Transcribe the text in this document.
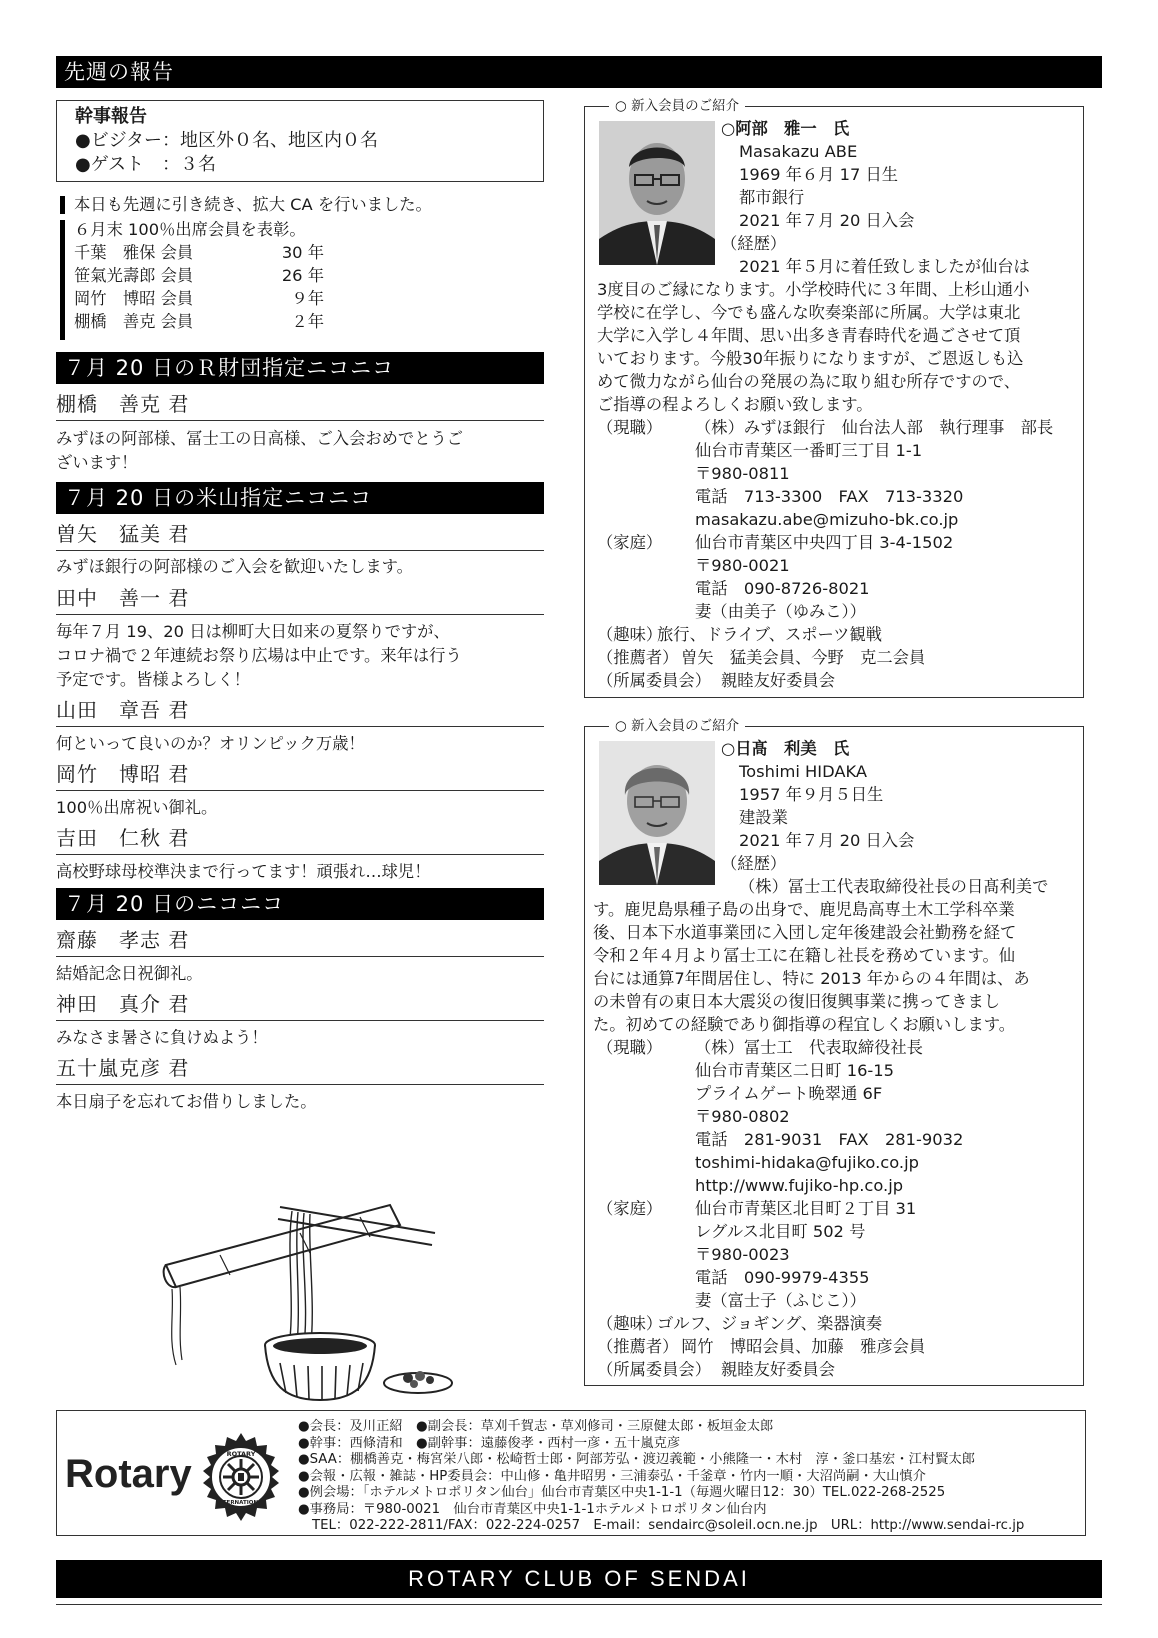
先週の報告
幹事報告
●ビジター：地区外０名、地区内０名
●ゲスト　：３名
本日も先週に引き続き、拡大 CA を行いました。
６月末 100％出席会員を表彰。
千葉　雅保 会員	30 年
笹氣光壽郎 会員	26 年
岡竹　博昭 会員	９年
棚橋　善克 会員	２年
７月 20 日のＲ財団指定ニコニコ
棚橋　善克 君
みずほの阿部様、冨士工の日高様、ご入会おめでとうご
ざいます！
７月 20 日の米山指定ニコニコ
曽矢　猛美 君
みずほ銀行の阿部様のご入会を歓迎いたします。
田中　善一 君
毎年７月 19、20 日は柳町大日如来の夏祭りですが、
コロナ禍で２年連続お祭り広場は中止です。来年は行う
予定です。皆様よろしく！
山田　章吾 君
何といって良いのか？オリンピック万歳！
岡竹　博昭 君
100％出席祝い御礼。
吉田　仁秋 君
高校野球母校準決まで行ってます！頑張れ…球児！
７月 20 日のニコニコ
齋藤　孝志 君
結婚記念日祝御礼。
神田　真介 君
みなさま暑さに負けぬよう！
五十嵐克彦 君
本日扇子を忘れてお借りしました。
○ 新入会員のご紹介
○阿部　雅一　氏
Masakazu ABE
1969 年６月 17 日生
都市銀行
2021 年７月 20 日入会
（経歴）
2021 年５月に着任致しましたが仙台は
3度目のご縁になります。小学校時代に３年間、上杉山通小
学校に在学し、今でも盛んな吹奏楽部に所属。大学は東北
大学に入学し４年間、思い出多き青春時代を過ごさせて頂
いております。今般30年振りになりますが、ご恩返しも込
めて微力ながら仙台の発展の為に取り組む所存ですので、
ご指導の程よろしくお願い致します。
（現職）	（株）みずほ銀行　仙台法人部　執行理事　部長
仙台市青葉区一番町三丁目 1-1
〒980-0811
電話　713-3300　FAX　713-3320
masakazu.abe@mizuho-bk.co.jp
（家庭）	仙台市青葉区中央四丁目 3-4-1502
〒980-0021
電話　090-8726-8021
妻（由美子（ゆみこ））
（趣味）
旅行、ドライブ、スポーツ観戦
（推薦者） 曽矢　猛美会員、今野　克二会員
（所属委員会） 親睦友好委員会
○ 新入会員のご紹介
○日髙　利美　氏
Toshimi HIDAKA
1957 年９月５日生
建設業
2021 年７月 20 日入会
（経歴）
（株）冨士工代表取締役社長の日髙利美で
す。鹿児島県種子島の出身で、鹿児島高専土木工学科卒業
後、日本下水道事業団に入団し定年後建設会社勤務を経て
令和２年４月より冨士工に在籍し社長を務めています。仙
台には通算7年間居住し、特に 2013 年からの４年間は、あ
の未曾有の東日本大震災の復旧復興事業に携ってきまし
た。初めての経験であり御指導の程宜しくお願いします。
（現職）	（株）冨士工　代表取締役社長
仙台市青葉区二日町 16-15
プライムゲート晩翠通 6F
〒980-0802
電話　281-9031　FAX　281-9032
toshimi-hidaka@fujiko.co.jp
http://www.fujiko-hp.co.jp
（家庭）	仙台市青葉区北目町２丁目 31
レグルス北目町 502 号
〒980-0023
電話　090-9979-4355
妻（富士子（ふじこ））
（趣味）
ゴルフ、ジョギング、楽器演奏
（推薦者） 岡竹　博昭会員、加藤　雅彦会員
（所属委員会） 親睦友好委員会
Rotary	ROTARY
INTERNATIONAL
●会長：及川正紹　●副会長：草刈千賀志・草刈修司・三原健太郎・板垣金太郎
●幹事：西條清和　●副幹事：遠藤俊孝・西村一彦・五十嵐克彦
●SAA：棚橋善克・梅宮栄八郎・松崎哲士郎・阿部芳弘・渡辺義範・小熊隆一・木村　淳・釜口基宏・江村賢太郎
●会報・広報・雑誌・HP委員会：中山修・亀井昭男・三浦泰弘・千釜章・竹内一順・大沼尚嗣・大山慎介
●例会場：「ホテルメトロポリタン仙台」仙台市青葉区中央1-1-1（毎週火曜日12：30）TEL.022-268-2525
●事務局：〒980-0021　仙台市青葉区中央1-1-1ホテルメトロポリタン仙台内
TEL：022-222-2811/FAX：022-224-0257　E-mail：sendairc@soleil.ocn.ne.jp　URL：http://www.sendai-rc.jp
ROTARY CLUB OF SENDAI
